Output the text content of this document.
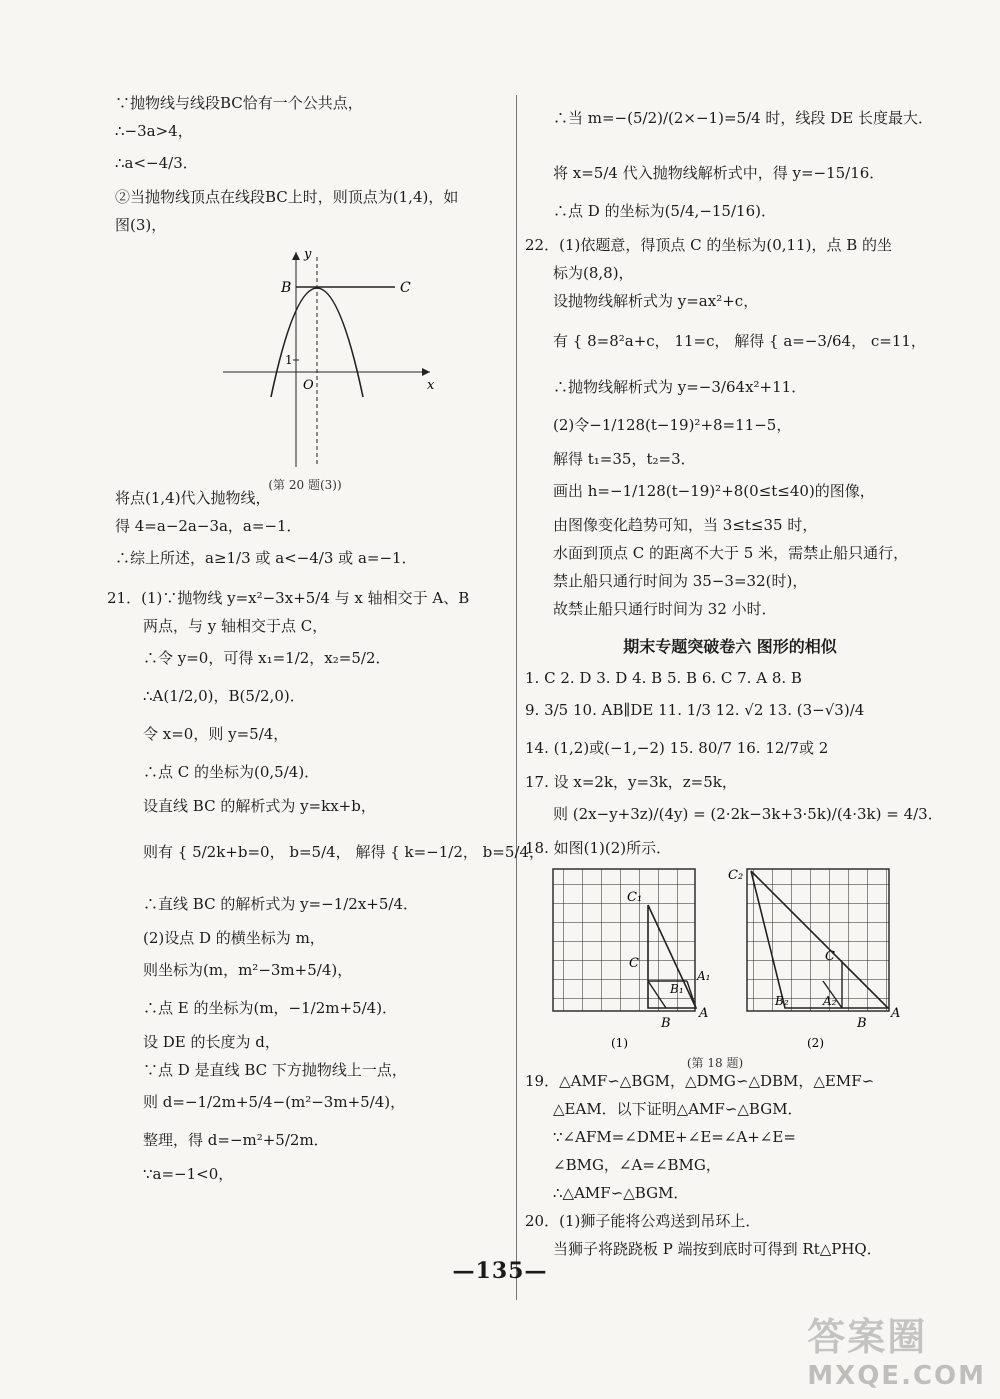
∵抛物线与线段BC恰有一个公共点，
∴−3a>4，
∴a<−4/3．
②当抛物线顶点在线段BC上时，则顶点为(1,4)，如
图(3)，
y
x
B	C
O
1
(第 20 题(3))
将点(1,4)代入抛物线，
得 4=a−2a−3a，a=−1．
∴综上所述，a≥1/3 或 a<−4/3 或 a=−1．
21．(1)∵抛物线 y=x²−3x+5/4 与 x 轴相交于 A、B
两点，与 y 轴相交于点 C，
∴令 y=0，可得 x₁=1/2，x₂=5/2．
∴A(1/2,0)，B(5/2,0)．
令 x=0，则 y=5/4，
∴点 C 的坐标为(0,5/4)．
设直线 BC 的解析式为 y=kx+b，
则有 { 5/2k+b=0， b=5/4， 解得 { k=−1/2， b=5/4，
∴直线 BC 的解析式为 y=−1/2x+5/4．
(2)设点 D 的横坐标为 m，
则坐标为(m，m²−3m+5/4)，
∴点 E 的坐标为(m，−1/2m+5/4)．
设 DE 的长度为 d，
∵点 D 是直线 BC 下方抛物线上一点，
则 d=−1/2m+5/4−(m²−3m+5/4)，
整理，得 d=−m²+5/2m．
∵a=−1<0，
∴当 m=−(5/2)/(2×−1)=5/4 时，线段 DE 长度最大．
将 x=5/4 代入抛物线解析式中，得 y=−15/16．
∴点 D 的坐标为(5/4,−15/16)．
22．(1)依题意，得顶点 C 的坐标为(0,11)，点 B 的坐
标为(8,8)，
设抛物线解析式为 y=ax²+c，
有 { 8=8²a+c， 11=c， 解得 { a=−3/64， c=11，
∴抛物线解析式为 y=−3/64x²+11．
(2)令−1/128(t−19)²+8=11−5，
解得 t₁=35，t₂=3．
画出 h=−1/128(t−19)²+8(0≤t≤40)的图像，
由图像变化趋势可知，当 3≤t≤35 时，
水面到顶点 C 的距离不大于 5 米，需禁止船只通行，
禁止船只通行时间为 35−3=32(时)，
故禁止船只通行时间为 32 小时．
期末专题突破卷六 图形的相似
1. C 2. D 3. D 4. B 5. B 6. C 7. A 8. B
9. 3/5 10. AB∥DE 11. 1/3 12. √2 13. (3−√3)/4
14. (1,2)或(−1,−2) 15. 80/7 16. 12/7或 2
17. 设 x=2k，y=3k，z=5k，
则 (2x−y+3z)/(4y) = (2·2k−3k+3·5k)/(4·3k) = 4/3．
18. 如图(1)(2)所示．
C₁
C
A₁
B₁
A
B
(1)
C₂
C
B₂	A₂
A
B
(2)
(第 18 题)
19．△AMF∽△BGM，△DMG∽△DBM，△EMF∽
△EAM．以下证明△AMF∽△BGM．
∵∠AFM=∠DME+∠E=∠A+∠E=
∠BMG，∠A=∠BMG，
∴△AMF∽△BGM．
20．(1)狮子能将公鸡送到吊环上．
当狮子将跷跷板 P 端按到底时可得到 Rt△PHQ．
—135—
答案圈
MXQE.COM
